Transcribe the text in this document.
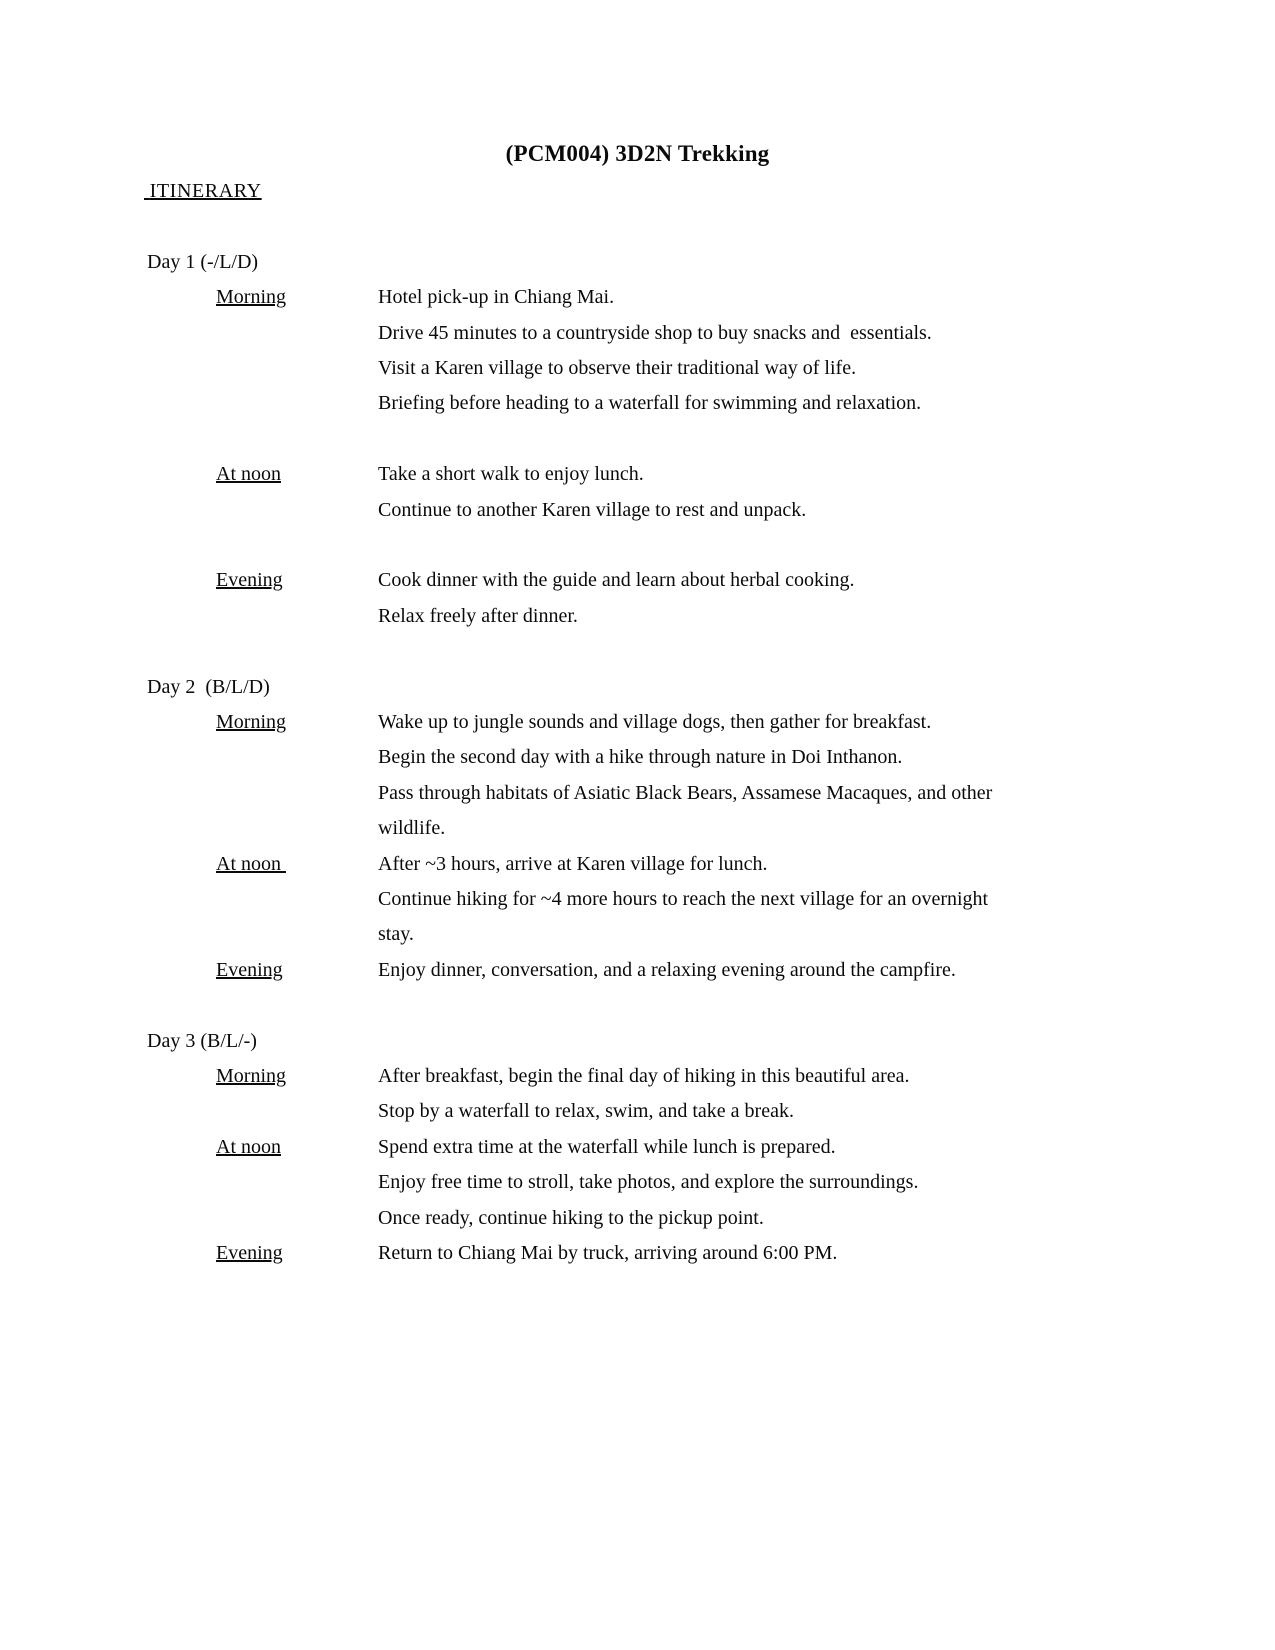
(PCM004) 3D2N Trekking
ITINERARY
Day 1 (-/L/D)
Morning	Hotel pick-up in Chiang Mai.
Drive 45 minutes to a countryside shop to buy snacks and  essentials.
Visit a Karen village to observe their traditional way of life.
Briefing before heading to a waterfall for swimming and relaxation.
At noon	Take a short walk to enjoy lunch.
Continue to another Karen village to rest and unpack.
Evening	Cook dinner with the guide and learn about herbal cooking.
Relax freely after dinner.
Day 2  (B/L/D)
Morning	Wake up to jungle sounds and village dogs, then gather for breakfast.
Begin the second day with a hike through nature in Doi Inthanon.
Pass through habitats of Asiatic Black Bears, Assamese Macaques, and other
wildlife.
At noon	After ~3 hours, arrive at Karen village for lunch.
Continue hiking for ~4 more hours to reach the next village for an overnight
stay.
Evening	Enjoy dinner, conversation, and a relaxing evening around the campfire.
Day 3 (B/L/-)
Morning	After breakfast, begin the final day of hiking in this beautiful area.
Stop by a waterfall to relax, swim, and take a break.
At noon	Spend extra time at the waterfall while lunch is prepared.
Enjoy free time to stroll, take photos, and explore the surroundings.
Once ready, continue hiking to the pickup point.
Evening	Return to Chiang Mai by truck, arriving around 6:00 PM.
